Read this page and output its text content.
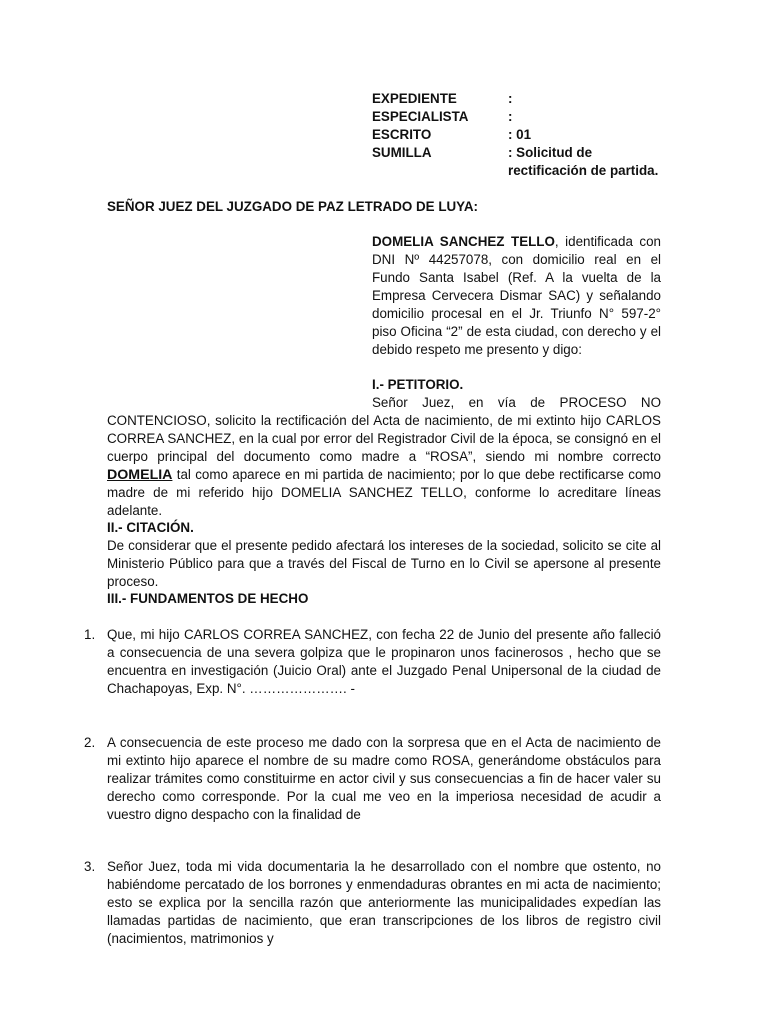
EXPEDIENTE	:
ESPECIALISTA	:
ESCRITO	: 01
SUMILLA	: Solicitud de rectificación de partida.
SEÑOR JUEZ DEL JUZGADO DE PAZ LETRADO DE LUYA:
DOMELIA SANCHEZ TELLO, identificada con DNI Nº 44257078, con domicilio real en el Fundo Santa Isabel (Ref. A la vuelta de la Empresa Cervecera Dismar SAC) y señalando domicilio procesal en el Jr. Triunfo N° 597-2° piso Oficina “2” de esta ciudad, con derecho y el debido respeto me presento y digo:
I.- PETITORIO.
Señor Juez, en vía de PROCESO NO
CONTENCIOSO, solicito la rectificación del Acta de nacimiento, de mi extinto hijo CARLOS CORREA SANCHEZ, en la cual por error del Registrador Civil de la época, se consignó en el cuerpo principal del documento como madre a “ROSA”, siendo mi nombre correcto DOMELIA tal como aparece en mi partida de nacimiento; por lo que debe rectificarse como madre de mi referido hijo DOMELIA SANCHEZ TELLO, conforme lo acreditare líneas adelante.
II.- CITACIÓN.
De considerar que el presente pedido afectará los intereses de la sociedad, solicito se cite al Ministerio Público para que a través del Fiscal de Turno en lo Civil se apersone al presente proceso.
III.- FUNDAMENTOS DE HECHO
1. Que, mi hijo CARLOS CORREA SANCHEZ, con fecha 22 de Junio del presente año falleció a consecuencia de una severa golpiza que le propinaron unos facinerosos , hecho que se encuentra en investigación (Juicio Oral) ante el Juzgado Penal Unipersonal de la ciudad de Chachapoyas, Exp. N°. …………………. -
2. A consecuencia de este proceso me dado con la sorpresa que en el Acta de nacimiento de mi extinto hijo aparece el nombre de su madre como ROSA, generándome obstáculos para realizar trámites como constituirme en actor civil y sus consecuencias a fin de hacer valer su derecho como corresponde. Por la cual me veo en la imperiosa necesidad de acudir a vuestro digno despacho con la finalidad de
3. Señor Juez, toda mi vida documentaria la he desarrollado con el nombre que ostento, no habiéndome percatado de los borrones y enmendaduras obrantes en mi acta de nacimiento; esto se explica por la sencilla razón que anteriormente las municipalidades expedían las llamadas partidas de nacimiento, que eran transcripciones de los libros de registro civil (nacimientos, matrimonios y
